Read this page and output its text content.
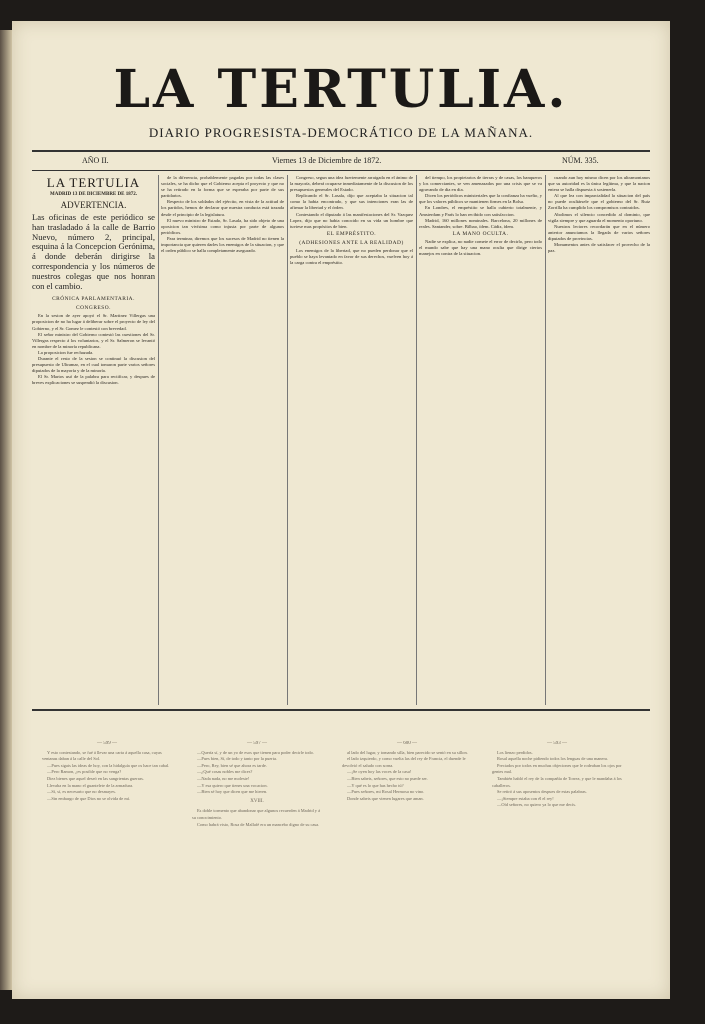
LA TERTULIA.
DIARIO PROGRESISTA-DEMOCRÁTICO DE LA MAÑANA.
AÑO II.	Viernes 13 de Diciembre de 1872.	NÚM. 335.
LA TERTULIA
MADRID 13 DE DICIEMBRE DE 1872.
ADVERTENCIA.
Las oficinas de este periódico se han trasladado á la calle de Barrio Nuevo, número 2, principal, esquina á la Concepcion Gerónima, á donde deberán dirigirse la correspondencia y los números de nuestros colegas que nos honran con el cambio.
CRÓNICA PARLAMENTARIA.
CONGRESO.

En la sesion de ayer apoyó el Sr. Martinez Villergas una proposicion de no ha lugar á deliberar sobre el proyecto de ley del Gobierno, y el Sr. Gomez le contestó con brevedad.

El señor ministro del Gobierno contestó las cuestiones del Sr. Villergas respecto á los voluntarios, y el Sr. Salmeron se levantó en nombre de la minoría republicana.

La proposicion fue rechazada.

Durante el resto de la sesion se continuó la discusion del presupuesto de Ultramar, en el cual tomaron parte varios señores diputados de la mayoría y de la minoría.

El Sr. Martos usó de la palabra para rectificar, y despues de breves explicaciones se suspendió la discusion.

de la diferencia, probablemente pagadas por todas las clases sociales, se ha dicho que el Gobierno acepta el proyecto y que no se ha retirado en la forma que se esperaba por parte de sus partidarios.

Respecto de los soldados del ejército, en vista de la actitud de los partidos, hemos de declarar que nuestra conducta está trazada desde el principio de la legislatura.

El nuevo ministro de Estado, Sr. Lasala, ha sido objeto de una oposicion tan vivísima como injusta por parte de algunos periódicos.

Para terminar, diremos que los sucesos de Madrid no tienen la importancia que quieren darles los enemigos de la situacion, y que el orden público se halla completamente asegurado.

Congreso, segun una idea fuertemente arraigada en el ánimo de la mayoría, deberá ocuparse inmediatamente de la discusion de los presupuestos generales del Estado.

Replicando el Sr. Lasala, dijo que aceptaba la situacion tal como la habia encontrado, y que sus intenciones eran las de afirmar la libertad y el órden.

Contestando el diputado á las manifestaciones del Sr. Vazquez Lopez, dijo que no habia conocido en su vida un hombre que tuviese mas propósitos de bien.

EL EMPRÉSTITO.
(ADHESIONES ANTE LA REALIDAD)

Los enemigos de la libertad, que no pueden perdonar que el pueblo se haya levantado en favor de sus derechos, vuelven hoy á la carga contra el empréstito.

del tiempo, los propietarios de tierras y de casas, los banqueros y los comerciantes, se ven amenazados por una crisis que se va agravando de dia en dia.

Dicen los periódicos ministeriales que la confianza ha vuelto, y que los valores públicos se mantienen firmes en la Bolsa.

En Londres, el empréstito se halla cubierto totalmente, y Amsterdam y París lo han recibido con satisfaccion.

Madrid, 160 millones nominales. Barcelona, 20 millones de reales. Santander, sobre. Bilbao, ídem. Cádiz, ídem.

LA MANO OCULTA.

Nadie se explica, no nadie comete el error de decirlo, pero todo el mundo sabe que hay una mano oculta que dirige ciertos manejos en contra de la situacion.

cuando aun hoy mismo dicen por los ultramontanos que su autoridad es la única legítima, y que la nacion entera se halla dispuesta á sostenerla.

Al que lea con imparcialidad la situacion del país no puede ocultársele que el gobierno del Sr. Ruiz Zorrilla ha cumplido los compromisos contraidos.

Abolimos el silencio concedido al dominio, que vigila siempre y que aguarda el momento oportuno.

Nuestros lectores recordarán que en el número anterior anunciamos la llegada de varios señores diputados de provincias.

Monumentos antes de satisfacer el provecho de la paz.

— 599 —

Y esto contestando, se fué á llevar una carta á aquella casa, cuyas ventanas daban á la calle del Sol.

—Pues sigais las ideas de hoy, con la hidalguía que os hace tan cabal.

—Pero Ramon, ¿es posible que no venga?

Diez bienes que aquel deseó en las sangrientas guerras.

Llevaba en la mano el guantelete de la armadura.

—Sí, sí, es necesario que no desmayes.

—Sin embargo de que Dios no se olvida de mí.

— 597 —

—Quería sí, y de un yo de esos que tienen para poder decirle todo.

—Pues bien, Sí, de todo y tanto por la puerta.

—Pero, Rey, bien sé que ahora es tarde.

—¿Qué cosas nobles me dices?

—Nada nada, no me moleste!

—Y esa quiero que tienes una vocacion.

—Bien sé hoy que dicen que me hieren.

XVIII.

Es doble tormento que abandonar que algunos recuerden á Madrid y á su conocimiento.

Como habrá visto, Rosa de Mallafé era un mancebo digno de su casa.

— 600 —

al lado del lugar, y tomando silla, bien parecido se sentó en su sillon.

el lado izquierdo, y como vuelta las del rey de Francia, el duende le devolvió el saludo con sorna.

—¡Se oyen hoy las voces de la casa!

—Bien sabeis, señores, que esto no puede ser.

—Y qué es lo que has hecho tú?

—Pues señores, mi Rosal Hermosa no vino.

Donde sabeis que vienen lugares que aman.

— 593 —

Los lienzo perdidos.

Rosal aquella noche pidiendo todos los lenguas de una manera.

Preciados por todos en muchas objeciones que le rodeaban los ojos por gentes mal.

También habló el rey de la compañía de Torrea, y que le mandaba á los caballeros.

Se retiró á sus aposentos despues de estas palabras.

—¡Siempre estaba con él el rey!

—Oíd señores, no quiero ya lo que me decís.
